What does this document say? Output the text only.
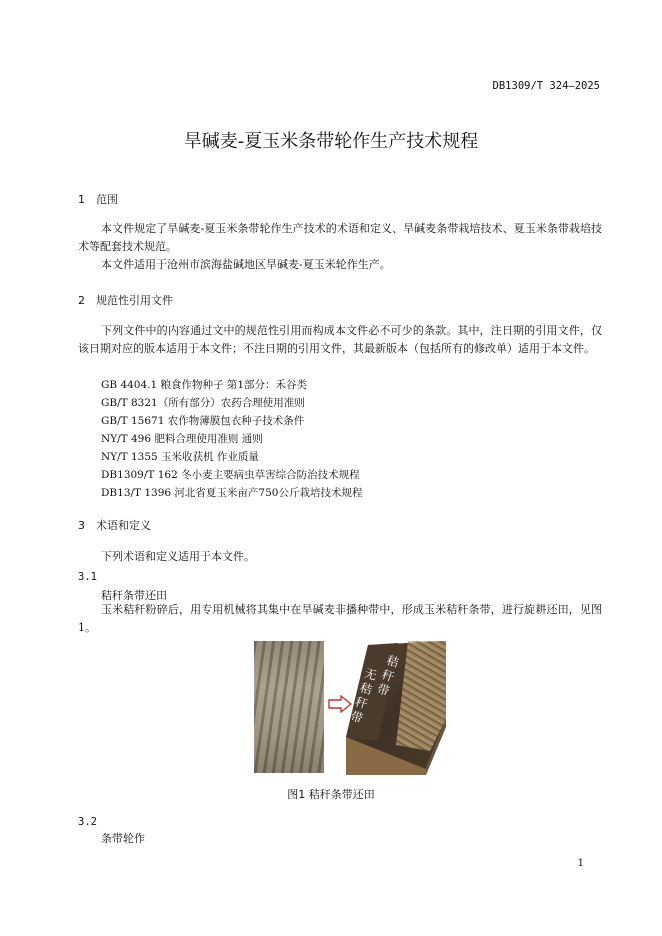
DB1309/T 324—2025
旱碱麦-夏玉米条带轮作生产技术规程
1 范围
本文件规定了旱碱麦-夏玉米条带轮作生产技术的术语和定义、旱碱麦条带栽培技术、夏玉米条带栽培技术等配套技术规范。
本文件适用于沧州市滨海盐碱地区旱碱麦-夏玉米轮作生产。
2 规范性引用文件
下列文件中的内容通过文中的规范性引用而构成本文件必不可少的条款。其中，注日期的引用文件，仅该日期对应的版本适用于本文件；不注日期的引用文件，其最新版本（包括所有的修改单）适用于本文件。
GB 4404.1 粮食作物种子 第1部分：禾谷类
GB/T 8321（所有部分）农药合理使用准则
GB/T 15671 农作物薄膜包衣种子技术条件
NY/T 496 肥料合理使用准则 通则
NY/T 1355 玉米收获机 作业质量
DB1309/T 162 冬小麦主要病虫草害综合防治技术规程
DB13/T 1396 河北省夏玉米亩产750公斤栽培技术规程
3 术语和定义
下列术语和定义适用于本文件。
3.1
秸秆条带还田
玉米秸秆粉碎后，用专用机械将其集中在旱碱麦非播种带中，形成玉米秸秆条带，进行旋耕还田，见图1。
秸秆带
无秸秆带
图1 秸秆条带还田
3.2
条带轮作
1
